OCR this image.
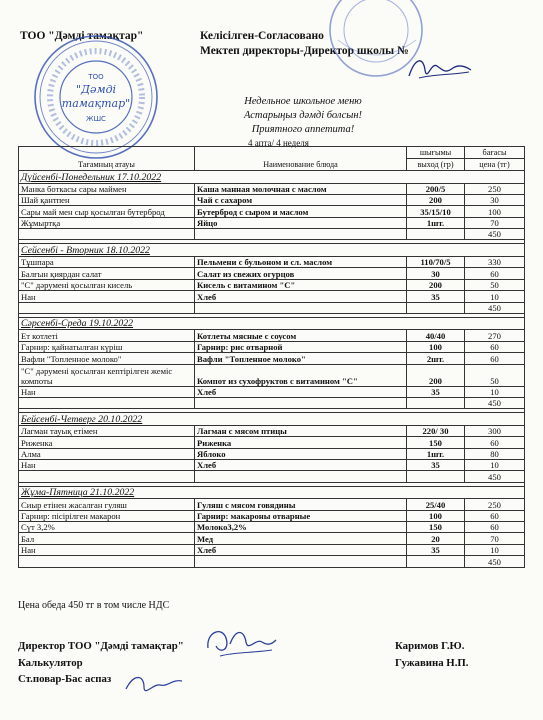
ТОО "Дәмді тамақтар"	Келісілген-Согласовано
Мектеп директоры-Директор школы №
ТОО
"Дәмді
тамақтар"
ЖШС
Недельное школьное меню
Астарыңыз дәмді болсын!
Приятного аппетита!
4 апта/ 4 неделя
Тағамның атауы	Наименование блюда	шығымы	бағасы
		выход (гр)	цена (тг)
Дүйсенбі-Понедельник 17.10.2022			
Манка боткасы сары маймен	Каша манная молочная с маслом	200/5	250
Шай қантпен	Чай с сахаром	200	30
Сары май мен сыр қосылған бутерброд	Бутерброд с сыром и маслом	35/15/10	100
Жұмыртқа	Яйцо	1шт.	70
			450

Сейсенбі - Вторник 18.10.2022			
Тұшпара	Пельмени с бульоном и сл. маслом	110/70/5	330
Балғын қиярдан салат	Салат из свежих огурцов	30	60
"С" дәрумені қосылған кисель	Кисель с витамином "С"	200	50
Нан	Хлеб	35	10
			450

Сәрсенбі-Среда 19.10.2022			
Ет котлеті	Котлеты мясные с соусом	40/40	270
Гарнир: қайнатылған күріш	Гарнир: рис отварной	100	60
Вафли "Топленное молоко"	Вафли "Топленное молоко"	2шт.	60
"С" дәрумені қосылған кептірілген жеміс компоты	Компот из сухофруктов с витамином "С"	200	50
Нан	Хлеб	35	10
			450

Бейсенбі-Четверг 20.10.2022			
Лагман тауық етімен	Лагман с мясом птицы	220/ 30	300
Риженка	Риженка	150	60
Алма	Яблоко	1шт.	80
Нан	Хлеб	35	10
			450

Жұма-Пятница 21.10.2022			
Сиыр етінен жасалған гуляш	Гуляш с мясом говядины	25/40	250
Гарнир: пісірілген макарон	Гарнир: макароны отварные	100	60
Сүт 3,2%	Молоко3,2%	150	60
Бал	Мед	20	70
Нан	Хлеб	35	10
			450
Цена обеда 450 тг в том числе НДС
Директор ТОО "Дәмді тамақтар"	Каримов Г.Ю.
Калькулятор	Гужавина Н.П.
Ст.повар-Бас аспаз
